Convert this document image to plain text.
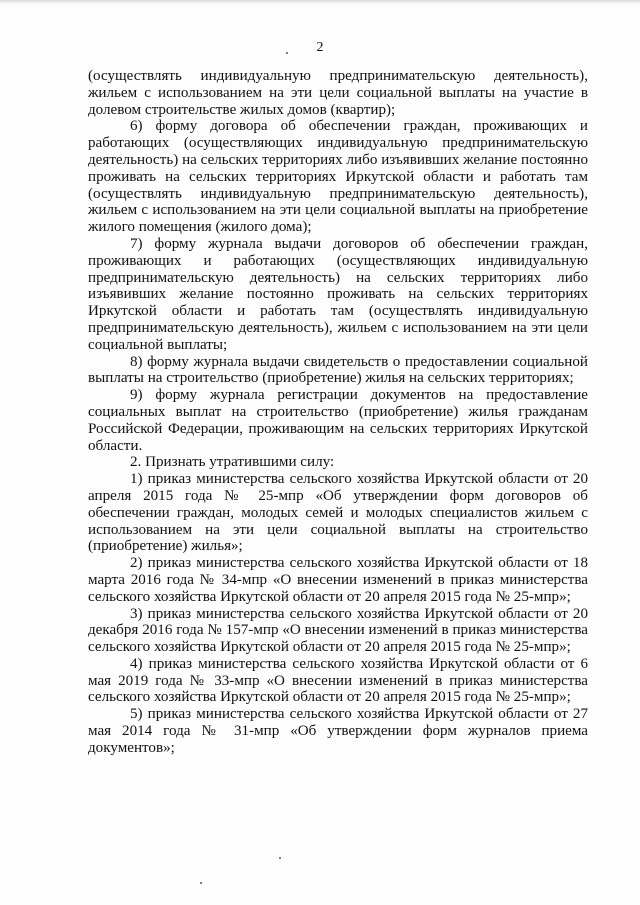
2

(осуществлять индивидуальную предпринимательскую деятельность), жильем с использованием на эти цели социальной выплаты на участие в долевом строительстве жилых домов (квартир);

6) форму договора об обеспечении граждан, проживающих и работающих (осуществляющих индивидуальную предпринимательскую деятельность) на сельских территориях либо изъявивших желание постоянно проживать на сельских территориях Иркутской области и работать там (осуществлять индивидуальную предпринимательскую деятельность), жильем с использованием на эти цели социальной выплаты на приобретение жилого помещения (жилого дома);

7) форму журнала выдачи договоров об обеспечении граждан, проживающих и работающих (осуществляющих индивидуальную предпринимательскую деятельность) на сельских территориях либо изъявивших желание постоянно проживать на сельских территориях Иркутской области и работать там (осуществлять индивидуальную предпринимательскую деятельность), жильем с использованием на эти цели социальной выплаты;

8) форму журнала выдачи свидетельств о предоставлении социальной выплаты на строительство (приобретение) жилья на сельских территориях;

9) форму журнала регистрации документов на предоставление социальных выплат на строительство (приобретение) жилья гражданам Российской Федерации, проживающим на сельских территориях Иркутской области.

2. Признать утратившими силу:

1) приказ министерства сельского хозяйства Иркутской области от 20 апреля 2015 года № 25-мпр «Об утверждении форм договоров об обеспечении граждан, молодых семей и молодых специалистов жильем с использованием на эти цели социальной выплаты на строительство (приобретение) жилья»;

2) приказ министерства сельского хозяйства Иркутской области от 18 марта 2016 года № 34-мпр «О внесении изменений в приказ министерства сельского хозяйства Иркутской области от 20 апреля 2015 года № 25-мпр»;

3) приказ министерства сельского хозяйства Иркутской области от 20 декабря 2016 года № 157-мпр «О внесении изменений в приказ министерства сельского хозяйства Иркутской области от 20 апреля 2015 года № 25-мпр»;

4) приказ министерства сельского хозяйства Иркутской области от 6 мая 2019 года № 33-мпр «О внесении изменений в приказ министерства сельского хозяйства Иркутской области от 20 апреля 2015 года № 25-мпр»;

5) приказ министерства сельского хозяйства Иркутской области от 27 мая 2014 года № 31-мпр «Об утверждении форм журналов приема документов»;
